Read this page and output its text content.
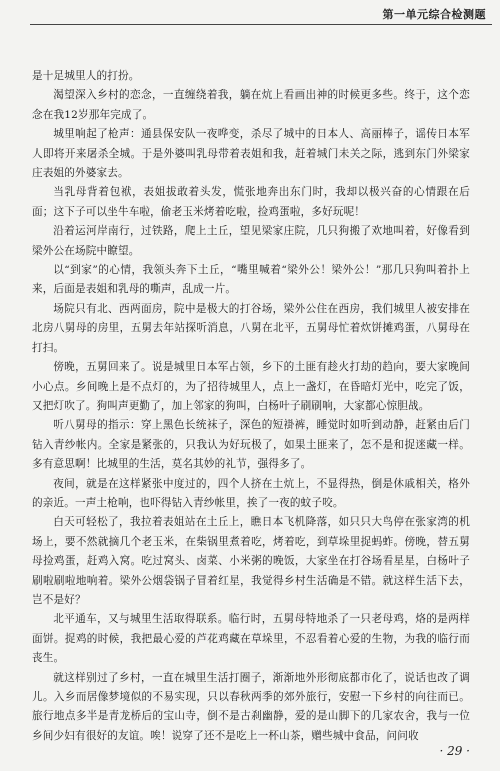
第一单元综合检测题

是十足城里人的打扮。

渴望深入乡村的恋念，一直缠绕着我，躺在炕上看画出神的时候更多些。终于，这个恋念在我12岁那年完成了。

城里响起了枪声：通县保安队一夜哗变，杀尽了城中的日本人、高丽棒子，谣传日本军人即将开来屠杀全城。于是外婆叫乳母带着表姐和我，赶着城门未关之际，逃到东门外梁家庄表姐的外婆家去。

当乳母背着包袱，表姐拔敢着头发，慌张地奔出东门时，我却以极兴奋的心情跟在后面；这下子可以坐牛车啦，偷老玉米烤着吃啦，捡鸡蛋啦，多好玩呢！

沿着运河岸南行，过铁路，爬上土丘，望见梁家庄院，几只狗搬了欢地叫着，好像看到梁外公在场院中瞭望。

以“到家”的心情，我领头奔下土丘，“嘴里喊着“梁外公！梁外公！”那几只狗叫着扑上来，后面是表姐和乳母的嘶声，乱成一片。

场院只有北、西两面房，院中是极大的打谷场，梁外公住在西房，我们城里人被安排在北房八舅母的房里，五舅去年站探听消息，八舅在北平，五舅母忙着炊饼摊鸡蛋，八舅母在打扫。

傍晚，五舅回来了。说是城里日本军占领，乡下的土匪有趁火打劫的趋向，要大家晚间小心点。乡间晚上是不点灯的，为了招待城里人，点上一盏灯，在昏暗灯光中，吃完了饭，又把灯吹了。狗叫声更勤了，加上邻家的狗叫，白杨叶子刷刷响，大家都心惊胆战。

听八舅母的指示：穿上黑色长统袜子，深色的短褂裤，睡觉时如听到动静，赶紧由后门钻入青纱帐内。全家是紧张的，只我认为好玩极了，如果土匪来了，怎不是和捉迷藏一样。多有意思啊！比城里的生活，莫名其妙的礼节，强得多了。

夜间，就是在这样紧张中度过的，四个人挤在土炕上，不显得热，倒是休戚相关，格外的亲近。一声土枪响，也吓得钻入青纱帐里，挨了一夜的蚊子咬。

白天可轻松了，我拉着表姐站在土丘上，瞧日本飞机降落，如只只大鸟停在张家湾的机场上，要不然就摘几个老玉米，在柴锅里煮着吃，烤着吃，到草垛里捉蚂蚱。傍晚，替五舅母捡鸡蛋，赶鸡入窝。吃过窝头、卤菜、小米粥的晚饭，大家坐在打谷场看星星，白杨叶子刷啦刷啦地响着。梁外公烟袋锅子冒着红星，我觉得乡村生活确是不错。就这样生活下去，岂不是好？

北平通车，又与城里生活取得联系。临行时，五舅母特地杀了一只老母鸡，烙的是两样面饼。捉鸡的时候，我把最心爱的芦花鸡藏在草垛里，不忍看着心爱的生物，为我的临行而丧生。

就这样别过了乡村，一直在城里生活打圈子，渐渐地外形彻底都市化了，说话也改了调儿。入乡而居像梦境似的不易实现，只以春秋两季的郊外旅行，安慰一下乡村的向往而已。旅行地点多半是青龙桥后的宝山寺，倒不是古刹幽静，爱的是山脚下的几家农舍，我与一位乡间少妇有很好的友谊。唉！说穿了还不是吃上一杯山茶，赠些城中食品，问问收

· 29 ·
